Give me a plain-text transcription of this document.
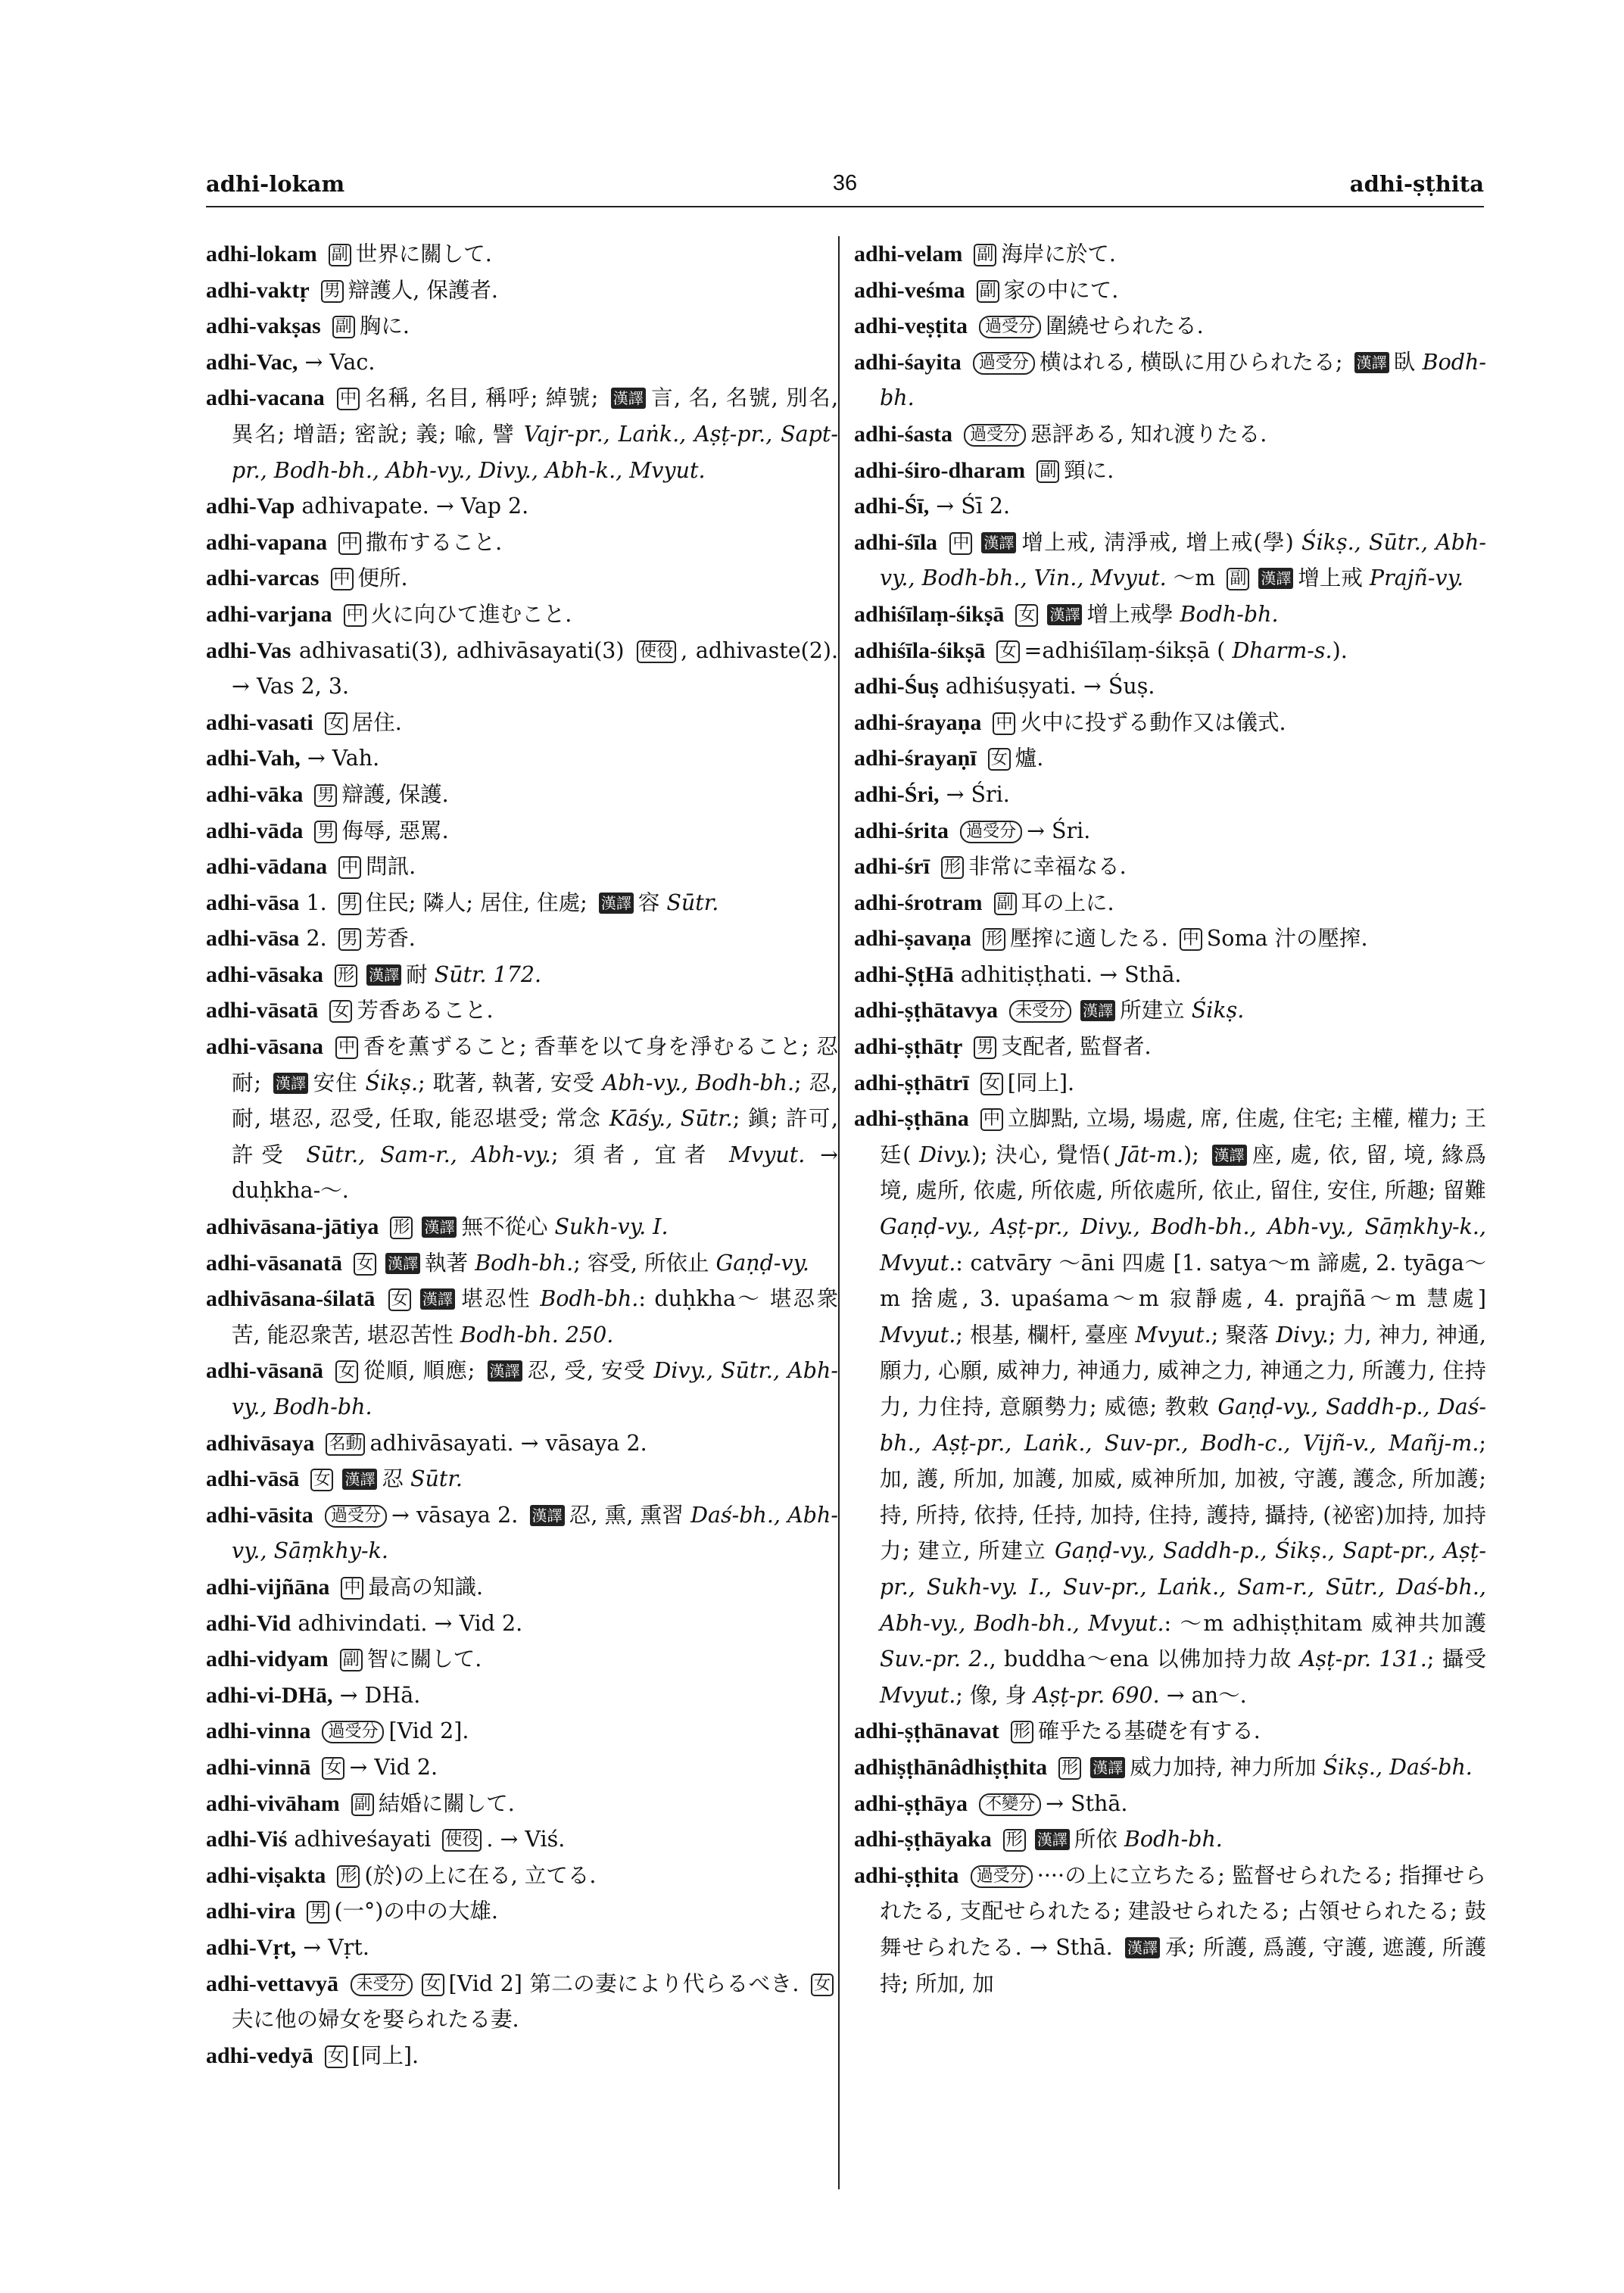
adhi-lokam	36	adhi-ṣṭhita
adhi-lokam 副 世界に關して.
adhi-vaktṛ 男 辯護人, 保護者.
adhi-vakṣas 副 胸に.
adhi-Vac, → Vac.
adhi-vacana 中 名稱, 名目, 稱呼; 綽號; 漢譯 言, 名, 名號, 別名, 異名; 增語; 密說; 義; 喩, 譬 Vajr-pr., Laṅk., Aṣṭ-pr., Sapt-pr., Bodh-bh., Abh-vy., Divy., Abh-k., Mvyut.
adhi-Vap adhivapate. → Vap 2.
adhi-vapana 中 撒布すること.
adhi-varcas 中 便所.
adhi-varjana 中 火に向ひて進むこと.
adhi-Vas adhivasati(3), adhivāsayati(3) 使役 , adhivaste(2). → Vas 2, 3.
adhi-vasati 女 居住.
adhi-Vah, → Vah.
adhi-vāka 男 辯護, 保護.
adhi-vāda 男 侮辱, 惡罵.
adhi-vādana 中 問訊.
adhi-vāsa 1. 男 住民; 隣人; 居住, 住處; 漢譯 容 Sūtr.
adhi-vāsa 2. 男 芳香.
adhi-vāsaka 形 漢譯 耐 Sūtr. 172.
adhi-vāsatā 女 芳香あること.
adhi-vāsana 中 香を薫ずること; 香華を以て身を淨むること; 忍耐; 漢譯 安住 Śikṣ.; 耽著, 執著, 安受 Abh-vy., Bodh-bh.; 忍, 耐, 堪忍, 忍受, 任取, 能忍堪受; 常念 Kāśy., Sūtr.; 鎭; 許可, 許受 Sūtr., Sam-r., Abh-vy.; 須者, 宜者 Mvyut. → duḥkha-〜.
adhivāsana-jātiya 形 漢譯 無不從心 Sukh-vy. I.
adhi-vāsanatā 女 漢譯 執著 Bodh-bh.; 容受, 所依止 Gaṇḍ-vy.
adhivāsana-śilatā 女 漢譯 堪忍性 Bodh-bh.: duḥkha〜 堪忍衆苦, 能忍衆苦, 堪忍苦性 Bodh-bh. 250.
adhi-vāsanā 女 從順, 順應; 漢譯 忍, 受, 安受 Divy., Sūtr., Abh-vy., Bodh-bh.
adhivāsaya 名動 adhivāsayati. → vāsaya 2.
adhi-vāsā 女 漢譯 忍 Sūtr.
adhi-vāsita 過受分 → vāsaya 2. 漢譯 忍, 熏, 熏習 Daś-bh., Abh-vy., Sāṃkhy-k.
adhi-vijñāna 中 最高の知識.
adhi-Vid adhivindati. → Vid 2.
adhi-vidyam 副 智に關して.
adhi-vi-DHā, → DHā.
adhi-vinna 過受分 [Vid 2].
adhi-vinnā 女 → Vid 2.
adhi-vivāham 副 結婚に關して.
adhi-Viś adhiveśayati 使役 . → Viś.
adhi-viṣakta 形 (於)の上に在る, 立てる.
adhi-vira 男 (一°)の中の大雄.
adhi-Vṛt, → Vṛt.
adhi-vettavyā 未受分 女 [Vid 2] 第二の妻により代らるべき. 女夫に他の婦女を娶られたる妻.
adhi-vedyā 女 [同上].
adhi-velam 副 海岸に於て.
adhi-veśma 副 家の中にて.
adhi-veṣṭita 過受分 圍繞せられたる.
adhi-śayita 過受分 横はれる, 横臥に用ひられたる; 漢譯 臥 Bodh-bh.
adhi-śasta 過受分 惡評ある, 知れ渡りたる.
adhi-śiro-dharam 副 頸に.
adhi-Śī, → Śī 2.
adhi-śīla 中 漢譯 增上戒, 淸淨戒, 增上戒(學) Śikṣ., Sūtr., Abh-vy., Bodh-bh., Vin., Mvyut. 〜m 副 漢譯 增上戒 Prajñ-vy.
adhiśīlaṃ-śikṣā 女 漢譯 增上戒學 Bodh-bh.
adhiśīla-śikṣā 女 =adhiśīlaṃ-śikṣā ( Dharm-s.).
adhi-Śuṣ adhiśuṣyati. → Śuṣ.
adhi-śrayaṇa 中 火中に投ずる動作又は儀式.
adhi-śrayaṇī 女 爐.
adhi-Śri, → Śri.
adhi-śrita 過受分 → Śri.
adhi-śrī 形 非常に幸福なる.
adhi-śrotram 副 耳の上に.
adhi-ṣavaṇa 形 壓搾に適したる. 中 Soma 汁の壓搾.
adhi-ṢṭHā adhitiṣṭhati. → Sthā.
adhi-ṣṭhātavya 未受分 漢譯 所建立 Śikṣ.
adhi-ṣṭhātṛ 男 支配者, 監督者.
adhi-ṣṭhātrī 女 [同上].
adhi-ṣṭhāna 中 立脚點, 立場, 場處, 席, 住處, 住宅; 主權, 權力; 王廷( Divy.); 決心, 覺悟( Jāt-m.); 漢譯 座, 處, 依, 留, 境, 緣爲境, 處所, 依處, 所依處, 所依處所, 依止, 留住, 安住, 所趣; 留難 Gaṇḍ-vy., Aṣṭ-pr., Divy., Bodh-bh., Abh-vy., Sāṃkhy-k., Mvyut.: catvāry 〜āni 四處 [1. satya〜m 諦處, 2. tyāga〜m 捨處, 3. upaśama〜m 寂靜處, 4. prajñā〜m 慧處] Mvyut.; 根基, 欄杆, 臺座 Mvyut.; 聚落 Divy.; 力, 神力, 神通, 願力, 心願, 威神力, 神通力, 威神之力, 神通之力, 所護力, 住持力, 力住持, 意願勢力; 威德; 教敕 Gaṇḍ-vy., Saddh-p., Daś-bh., Aṣṭ-pr., Laṅk., Suv-pr., Bodh-c., Vijñ-v., Mañj-m.; 加, 護, 所加, 加護, 加威, 威神所加, 加被, 守護, 護念, 所加護; 持, 所持, 依持, 任持, 加持, 住持, 護持, 攝持, (祕密)加持, 加持力; 建立, 所建立 Gaṇḍ-vy., Saddh-p., Śikṣ., Sapt-pr., Aṣṭ-pr., Sukh-vy. I., Suv-pr., Laṅk., Sam-r., Sūtr., Daś-bh., Abh-vy., Bodh-bh., Mvyut.: 〜m adhiṣṭhitam 威神共加護 Suv.-pr. 2., buddha〜ena 以佛加持力故 Aṣṭ-pr. 131.; 攝受 Mvyut.; 像, 身 Aṣṭ-pr. 690. → an〜.
adhi-ṣṭhānavat 形 確乎たる基礎を有する.
adhiṣṭhānâdhiṣṭhita 形 漢譯 威力加持, 神力所加 Śikṣ., Daś-bh.
adhi-ṣṭhāya 不變分 → Sthā.
adhi-ṣṭhāyaka 形 漢譯 所依 Bodh-bh.
adhi-ṣṭhita 過受分 ····の上に立ちたる; 監督せられたる; 指揮せられたる, 支配せられたる; 建設せられたる; 占領せられたる; 鼓舞せられたる. → Sthā. 漢譯 承; 所護, 爲護, 守護, 遮護, 所護持; 所加, 加
